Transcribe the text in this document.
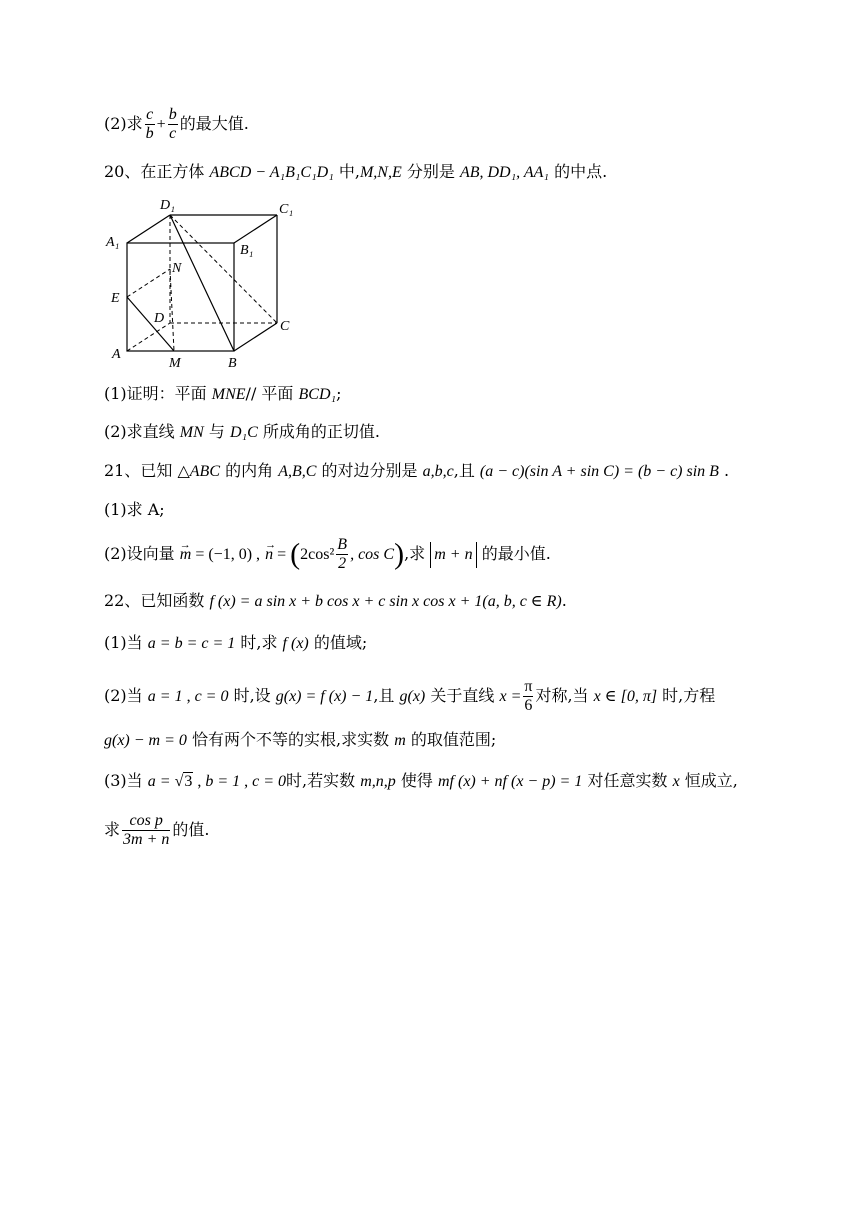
(2)求 $\frac{c}{b} + \frac{b}{c}$ 的最大值.
20、在正方体 ABCD − A₁B₁C₁D₁ 中,M,N,E 分别是 AB, DD₁, AA₁ 的中点.
D₁	C₁
A₁
B₁
N
E
D
C
A
M	B
(1)证明：平面 MNE// 平面 BCD₁;
(2)求直线 MN 与 D₁C 所成角的正切值.
21、已知 △ABC 的内角 A,B,C 的对边分别是 a,b,c,且 (a − c)(sin A + sin C) = (b − c) sin B .
(1)求 A;
(2)设向量 → m = (−1, 0) , → $n = (2\cos^2 \frac{B}{2}$ , cos C),求 m + n 的最小值.
22、已知函数 f (x) = a sin x + b cos x + c sin x cos x + 1(a, b, c ∈ R).
(1)当 a = b = c = 1 时,求 f (x) 的值域;
(2)当 a = 1 , c = 0 时,设 g(x) = f (x) − 1,且 g(x) 关于直线 $x = \frac{\pi}{6}$ 对称,当 x ∈ [0, π] 时,方程
g(x) − m = 0 恰有两个不等的实根,求实数 m 的取值范围;
(3)当 a = √3 , b = 1 , c = 0时,若实数 m,n,p 使得 mf (x) + nf (x − p) = 1 对任意实数 x 恒成立,
求 $\frac{\text{cos p}}{3m + n}$ 的值.
